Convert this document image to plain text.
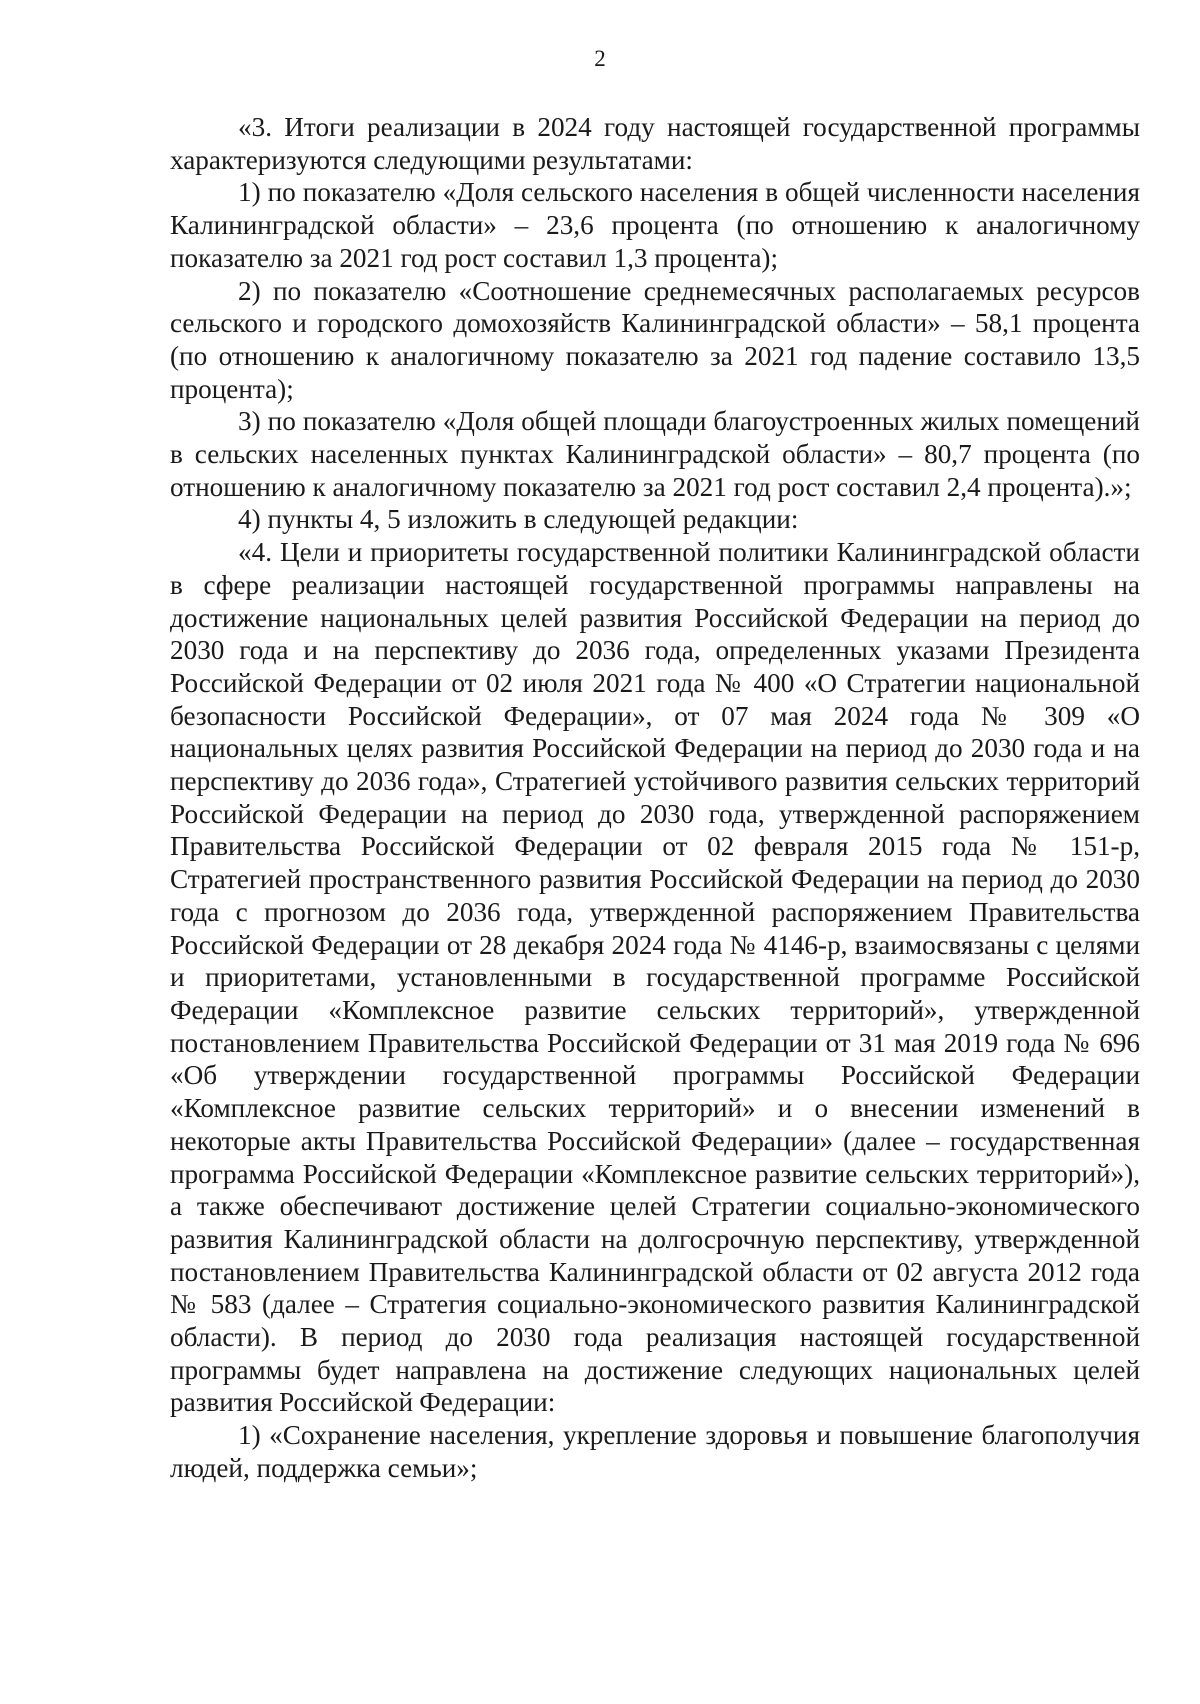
2

«3. Итоги реализации в 2024 году настоящей государственной программы характеризуются следующими результатами:

1) по показателю «Доля сельского населения в общей численности населения Калининградской области» – 23,6 процента (по отношению к аналогичному показателю за 2021 год рост составил 1,3 процента);

2) по показателю «Соотношение среднемесячных располагаемых ресурсов сельского и городского домохозяйств Калининградской области» – 58,1 процента (по отношению к аналогичному показателю за 2021 год падение составило 13,5 процента);

3) по показателю «Доля общей площади благоустроенных жилых помещений в сельских населенных пунктах Калининградской области» – 80,7 процента (по отношению к аналогичному показателю за 2021 год рост составил 2,4 процента).»;

4) пункты 4, 5 изложить в следующей редакции:

«4. Цели и приоритеты государственной политики Калининградской области в сфере реализации настоящей государственной программы направлены на достижение национальных целей развития Российской Федерации на период до 2030 года и на перспективу до 2036 года, определенных указами Президента Российской Федерации от 02 июля 2021 года № 400 «О Стратегии национальной безопасности Российской Федерации», от 07 мая 2024 года № 309 «О национальных целях развития Российской Федерации на период до 2030 года и на перспективу до 2036 года», Стратегией устойчивого развития сельских территорий Российской Федерации на период до 2030 года, утвержденной распоряжением Правительства Российской Федерации от 02 февраля 2015 года № 151-р, Стратегией пространственного развития Российской Федерации на период до 2030 года с прогнозом до 2036 года, утвержденной распоряжением Правительства Российской Федерации от 28 декабря 2024 года № 4146-р, взаимосвязаны с целями и приоритетами, установленными в государственной программе Российской Федерации «Комплексное развитие сельских территорий», утвержденной постановлением Правительства Российской Федерации от 31 мая 2019 года № 696 «Об утверждении государственной программы Российской Федерации «Комплексное развитие сельских территорий» и о внесении изменений в некоторые акты Правительства Российской Федерации» (далее – государственная программа Российской Федерации «Комплексное развитие сельских территорий»), а также обеспечивают достижение целей Стратегии социально-экономического развития Калининградской области на долгосрочную перспективу, утвержденной постановлением Правительства Калининградской области от 02 августа 2012 года № 583 (далее – Стратегия социально-экономического развития Калининградской области). В период до 2030 года реализация настоящей государственной программы будет направлена на достижение следующих национальных целей развития Российской Федерации:

1) «Сохранение населения, укрепление здоровья и повышение благополучия людей, поддержка семьи»;
